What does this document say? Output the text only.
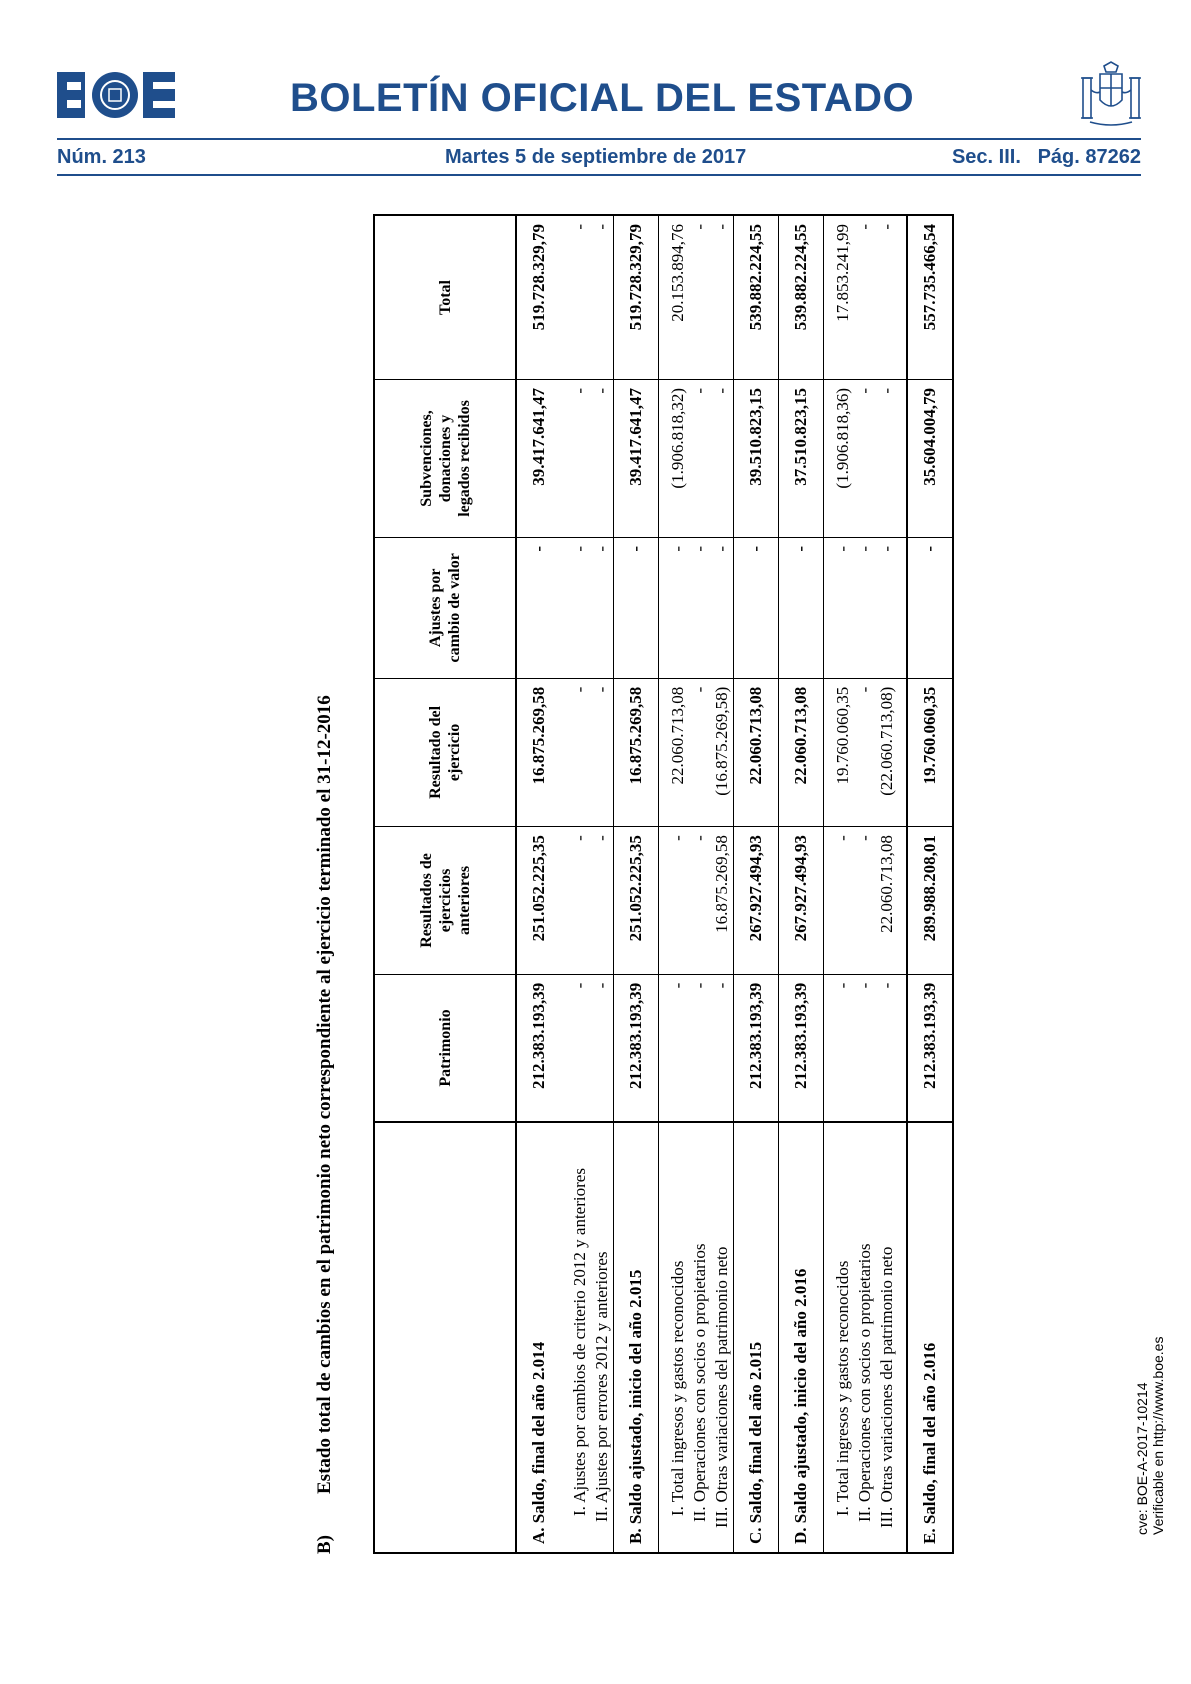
BOLETÍN OFICIAL DEL ESTADO
Núm. 213	Martes 5 de septiembre de 2017	Sec. III. Pág. 87262
B)Estado total de cambios en el patrimonio neto correspondiente al ejercicio terminado el 31-12-2016
		Patrimonio	Resultados de ejercicios anteriores	Resultado del ejercicio	Ajustes por cambio de valor	Subvenciones, donaciones y legados recibidos	Total
A. Saldo, final del año 2.014	212.383.193,39	251.052.225,35	16.875.269,58	-	39.417.641,47	519.728.329,79

I. Ajustes por cambios de criterio 2012 y anteriores	-	-	-	-	-	-
II. Ajustes por errores 2012 y anteriores	-	-	-	-	-	-
B. Saldo ajustado, inicio del año 2.015	212.383.193,39	251.052.225,35	16.875.269,58	-	39.417.641,47	519.728.329,79

I. Total ingresos y gastos reconocidos	-	-	22.060.713,08	-	(1.906.818,32)	20.153.894,76
II. Operaciones con socios o propietarios	-	-	-	-	-	-
III. Otras variaciones del patrimonio neto	-	16.875.269,58	(16.875.269,58)	-	-	-
C. Saldo, final del año 2.015	212.383.193,39	267.927.494,93	22.060.713,08	-	39.510.823,15	539.882.224,55
D. Saldo ajustado, inicio del año 2.016	212.383.193,39	267.927.494,93	22.060.713,08	-	37.510.823,15	539.882.224,55

I. Total ingresos y gastos reconocidos	-	-	19.760.060,35	-	(1.906.818,36)	17.853.241,99
II. Operaciones con socios o propietarios	-	-	-	-	-	-
III. Otras variaciones del patrimonio neto	-	22.060.713,08	(22.060.713,08)	-	-	-

E. Saldo, final del año 2.016	212.383.193,39	289.988.208,01	19.760.060,35	-	35.604.004,79	557.735.466,54
cve: BOE-A-2017-10214 Verificable en http://www.boe.es
